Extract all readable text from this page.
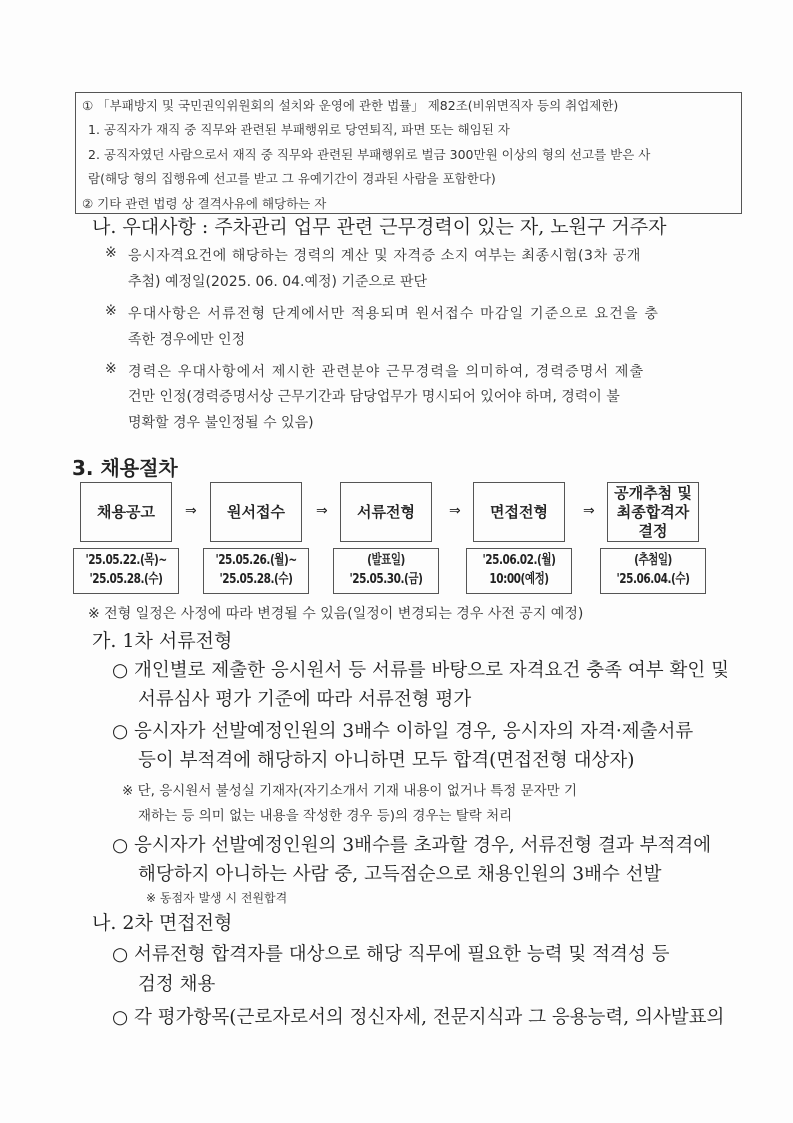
① 「부패방지 및 국민권익위원회의 설치와 운영에 관한 법률」 제82조(비위면직자 등의 취업제한)
1. 공직자가 재직 중 직무와 관련된 부패행위로 당연퇴직, 파면 또는 해임된 자
2. 공직자였던 사람으로서 재직 중 직무와 관련된 부패행위로 벌금 300만원 이상의 형의 선고를 받은 사
람(해당 형의 집행유예 선고를 받고 그 유예기간이 경과된 사람을 포함한다)
② 기타 관련 법령 상 결격사유에 해당하는 자
나. 우대사항 : 주차관리 업무 관련 근무경력이 있는 자, 노원구 거주자
※ 응시자격요건에 해당하는 경력의 계산 및 자격증 소지 여부는 최종시험(3차 공개
추첨) 예정일(2025. 06. 04.예정) 기준으로 판단
※ 우대사항은 서류전형 단계에서만 적용되며 원서접수 마감일 기준으로 요건을 충
족한 경우에만 인정
※ 경력은 우대사항에서 제시한 관련분야 근무경력을 의미하여, 경력증명서 제출
건만 인정(경력증명서상 근무기간과 담당업무가 명시되어 있어야 하며, 경력이 불
명확할 경우 불인정될 수 있음)
3. 채용절차
채용공고	⇒	원서접수	⇒	서류전형	⇒	면접전형	⇒
공개추첨 및
최종합격자
결정
'25.05.22.(목)~
'25.05.28.(수)
'25.05.26.(월)~
'25.05.28.(수)
(발표일)
'25.05.30.(금)
'25.06.02.(월)
10:00(예정)
(추첨일)
'25.06.04.(수)
※ 전형 일정은 사정에 따라 변경될 수 있음(일정이 변경되는 경우 사전 공지 예정)
가. 1차 서류전형
○ 개인별로 제출한 응시원서 등 서류를 바탕으로 자격요건 충족 여부 확인 및
서류심사 평가 기준에 따라 서류전형 평가
○ 응시자가 선발예정인원의 3배수 이하일 경우, 응시자의 자격·제출서류
등이 부적격에 해당하지 아니하면 모두 합격(면접전형 대상자)
※ 단, 응시원서 불성실 기재자(자기소개서 기재 내용이 없거나 특정 문자만 기
재하는 등 의미 없는 내용을 작성한 경우 등)의 경우는 탈락 처리
○ 응시자가 선발예정인원의 3배수를 초과할 경우, 서류전형 결과 부적격에
해당하지 아니하는 사람 중, 고득점순으로 채용인원의 3배수 선발
※ 동점자 발생 시 전원합격
나. 2차 면접전형
○ 서류전형 합격자를 대상으로 해당 직무에 필요한 능력 및 적격성 등
검정 채용
○ 각 평가항목(근로자로서의 정신자세, 전문지식과 그 응용능력, 의사발표의
